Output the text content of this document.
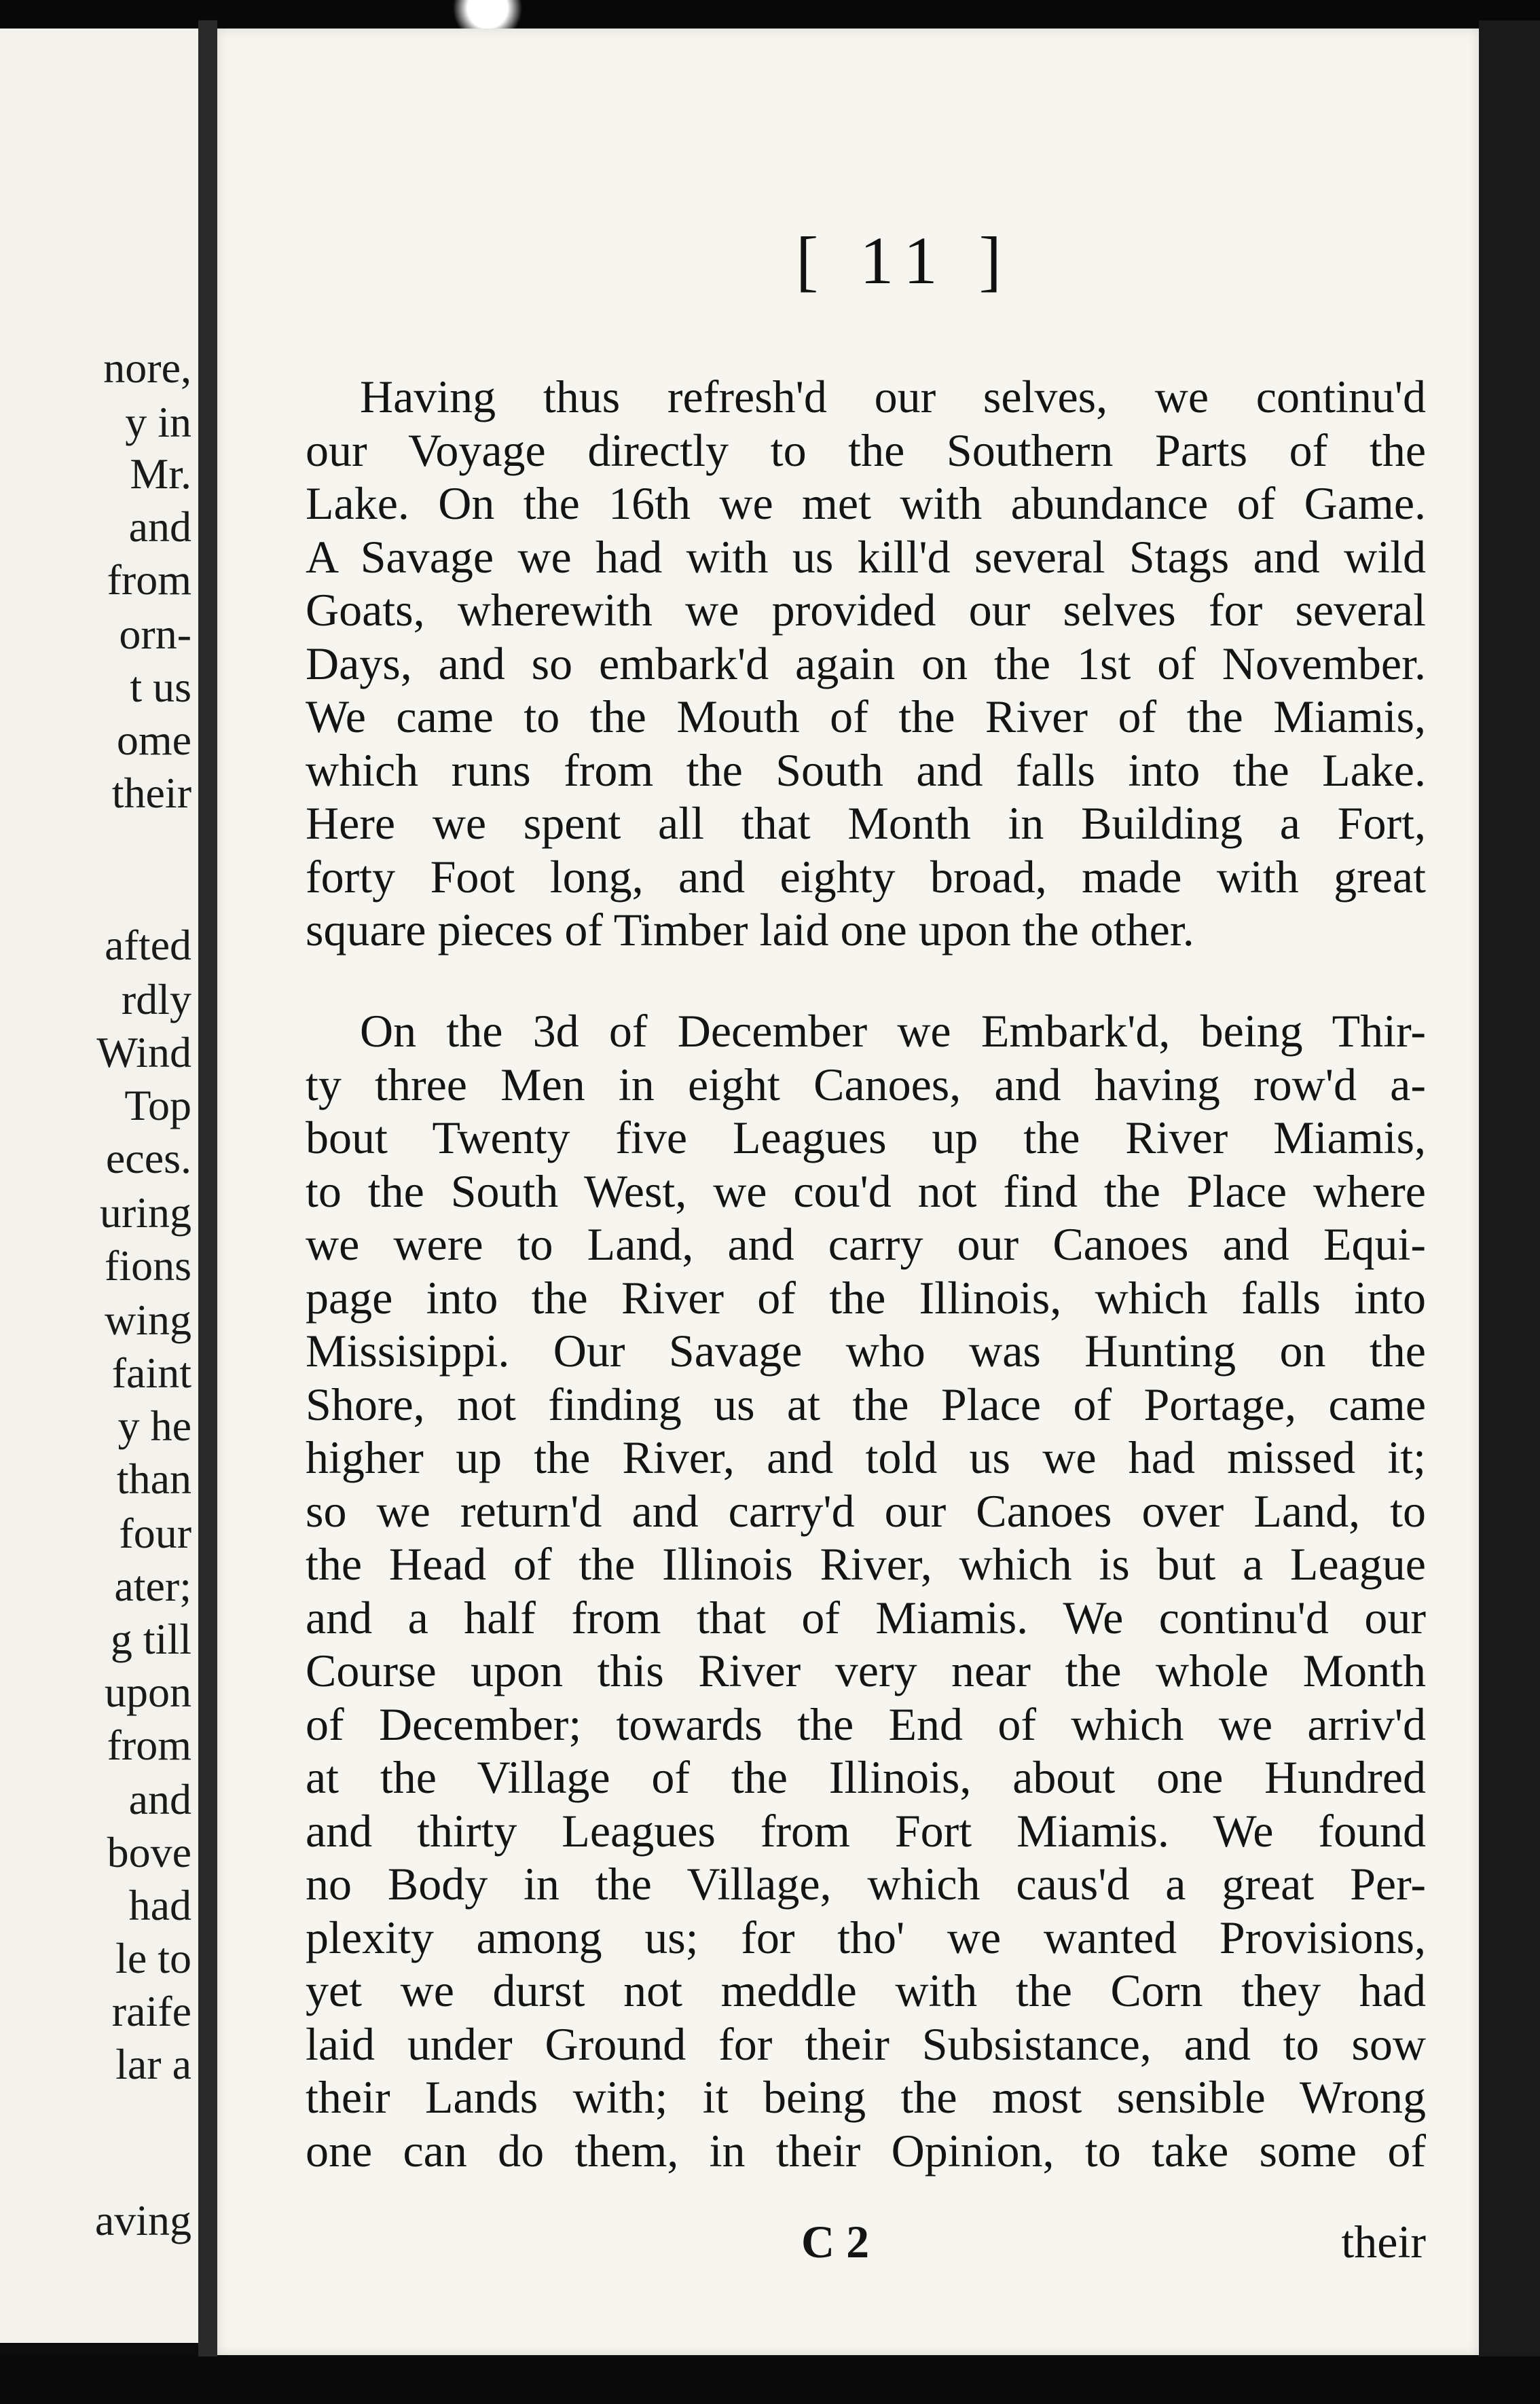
nore,
y in
Mr.
and
from
orn-
t us
ome
their
afted
rdly
Wind
Top
eces.
uring
fions
wing
faint
y he
than
four
ater;
g till
upon
from
and
bove
had
le to
raife
lar a
aving
[ 11 ]
Having thus refresh'd our selves, we continu'd
our Voyage directly to the Southern Parts of the
Lake. On the 16th we met with abundance of Game.
A Savage we had with us kill'd several Stags and wild
Goats, wherewith we provided our selves for several
Days, and so embark'd again on the 1st of November.
We came to the Mouth of the River of the Miamis,
which runs from the South and falls into the Lake.
Here we spent all that Month in Building a Fort,
forty Foot long, and eighty broad, made with great
square pieces of Timber laid one upon the other.
On the 3d of December we Embark'd, being Thir-
ty three Men in eight Canoes, and having row'd a-
bout Twenty five Leagues up the River Miamis,
to the South West, we cou'd not find the Place where
we were to Land, and carry our Canoes and Equi-
page into the River of the Illinois, which falls into
Missisippi. Our Savage who was Hunting on the
Shore, not finding us at the Place of Portage, came
higher up the River, and told us we had missed it;
so we return'd and carry'd our Canoes over Land, to
the Head of the Illinois River, which is but a League
and a half from that of Miamis. We continu'd our
Course upon this River very near the whole Month
of December; towards the End of which we arriv'd
at the Village of the Illinois, about one Hundred
and thirty Leagues from Fort Miamis. We found
no Body in the Village, which caus'd a great Per-
plexity among us; for tho' we wanted Provisions,
yet we durst not meddle with the Corn they had
laid under Ground for their Subsistance, and to sow
their Lands with; it being the most sensible Wrong
one can do them, in their Opinion, to take some of
C 2	their
